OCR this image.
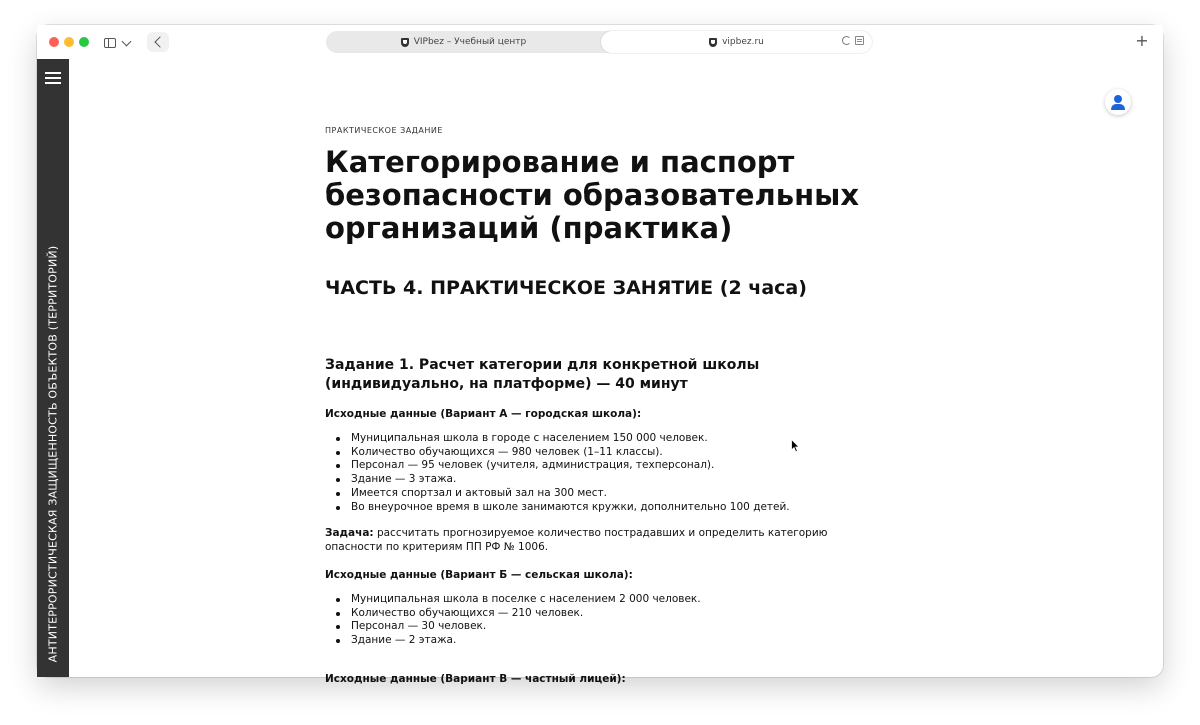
VIPbez – Учебный центр	vipbez.ru	+
АНТИТЕРРОРИСТИЧЕСКАЯ ЗАЩИЩЕННОСТЬ ОБЪЕКТОВ (ТЕРРИТОРИЙ)
ПРАКТИЧЕСКОЕ ЗАДАНИЕ
Категорирование и паспорт безопасности образовательных организаций (практика)
ЧАСТЬ 4. ПРАКТИЧЕСКОЕ ЗАНЯТИЕ (2 часа)
Задание 1. Расчет категории для конкретной школы (индивидуально, на платформе) — 40 минут

Исходные данные (Вариант А — городская школа):

Муниципальная школа в городе с населением 150 000 человек.
Количество обучающихся — 980 человек (1–11 классы).
Персонал — 95 человек (учителя, администрация, техперсонал).
Здание — 3 этажа.
Имеется спортзал и актовый зал на 300 мест.
Во внеурочное время в школе занимаются кружки, дополнительно 100 детей.

Задача: рассчитать прогнозируемое количество пострадавших и определить категорию опасности по критериям ПП РФ № 1006.

Исходные данные (Вариант Б — сельская школа):

Муниципальная школа в поселке с населением 2 000 человек.
Количество обучающихся — 210 человек.
Персонал — 30 человек.
Здание — 2 этажа.

Исходные данные (Вариант В — частный лицей):
